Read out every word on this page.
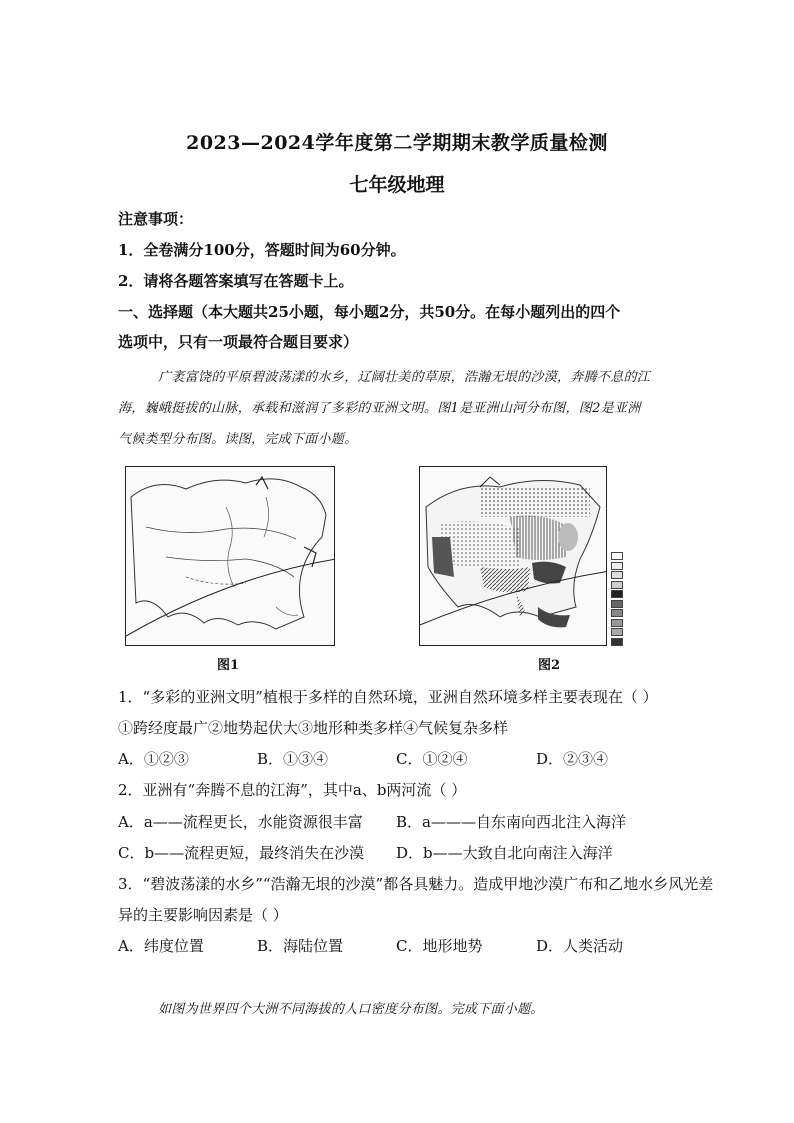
2023—2024学年度第二学期期末教学质量检测
七年级地理
注意事项：
1．全卷满分100分，答题时间为60分钟。
2．请将各题答案填写在答题卡上。
一、选择题（本大题共25小题，每小题2分，共50分。在每小题列出的四个
选项中，只有一项最符合题目要求）
广袤富饶的平原碧波荡漾的水乡，辽阔壮美的草原，浩瀚无垠的沙漠，奔腾不息的江
海，巍峨挺拔的山脉，承载和滋润了多彩的亚洲文明。图1是亚洲山河分布图，图2是亚洲
气候类型分布图。读图，完成下面小题。
图1	图2
1．“多彩的亚洲文明”植根于多样的自然环境，亚洲自然环境多样主要表现在（ ）
①跨经度最广②地势起伏大③地形种类多样④气候复杂多样
A．①②③	B．①③④	C．①②④	D．②③④
2．亚洲有“奔腾不息的江海”，其中a、b两河流（ ）
A．a——流程更长，水能资源很丰富 B．a———自东南向西北注入海洋
C．b——流程更短，最终消失在沙漠 D．b——大致自北向南注入海洋
3．“碧波荡漾的水乡”“浩瀚无垠的沙漠”都各具魅力。造成甲地沙漠广布和乙地水乡风光差
异的主要影响因素是（ ）
A．纬度位置	B．海陆位置	C．地形地势	D．人类活动
如图为世界四个大洲不同海拔的人口密度分布图。完成下面小题。
